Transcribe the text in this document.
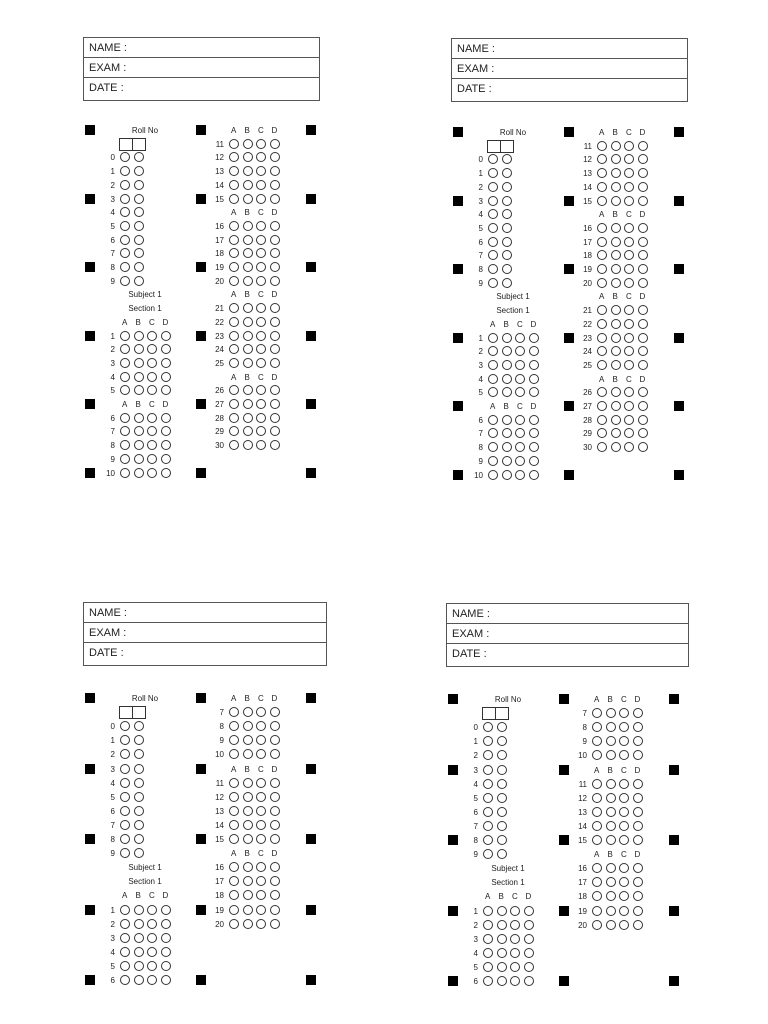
NAME :
EXAM :
DATE :
Roll No
0
1
2
3
4
5
6
7
8
9
Subject 1
Section 1
A B C D
1
2
3
4
5
A B C D
6
7
8
9
10
A B C D
11
12
13
14
15
A B C D
16
17
18
19
20
A B C D
21
22
23
24
25
A B C D
26
27
28
29
30
NAME :
EXAM :
DATE :
Roll No
0
1
2
3
4
5
6
7
8
9
Subject 1
Section 1
A B C D
1
2
3
4
5
A B C D
6
7
8
9
10
A B C D
11
12
13
14
15
A B C D
16
17
18
19
20
A B C D
21
22
23
24
25
A B C D
26
27
28
29
30
NAME :
EXAM :
DATE :
Roll No
0
1
2
3
4
5
6
7
8
9
Subject 1
Section 1
A B C D
1
2
3
4
5
6
A B C D
7
8
9
10
A B C D
11
12
13
14
15
A B C D
16
17
18
19
20
NAME :
EXAM :
DATE :
Roll No
0
1
2
3
4
5
6
7
8
9
Subject 1
Section 1
A B C D
1
2
3
4
5
6
A B C D
7
8
9
10
A B C D
11
12
13
14
15
A B C D
16
17
18
19
20
